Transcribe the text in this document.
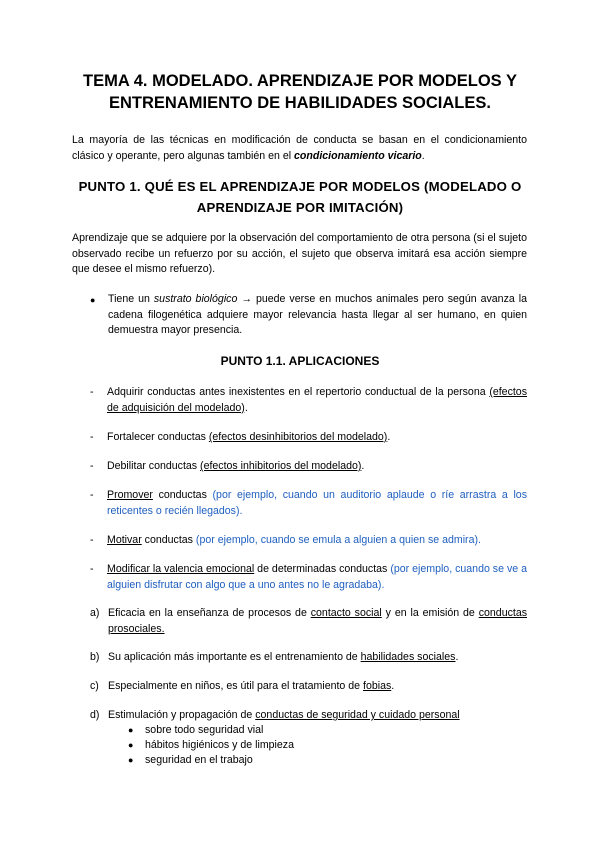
TEMA 4. MODELADO. APRENDIZAJE POR MODELOS Y
ENTRENAMIENTO DE HABILIDADES SOCIALES.

La mayoría de las técnicas en modificación de conducta se basan en el condicionamiento clásico y operante, pero algunas también en el condicionamiento vicario.

PUNTO 1. QUÉ ES EL APRENDIZAJE POR MODELOS (MODELADO O
APRENDIZAJE POR IMITACIÓN)

Aprendizaje que se adquiere por la observación del comportamiento de otra persona (si el sujeto observado recibe un refuerzo por su acción, el sujeto que observa imitará esa acción siempre que desee el mismo refuerzo).

● Tiene un sustrato biológico → puede verse en muchos animales pero según avanza la cadena filogenética adquiere mayor relevancia hasta llegar al ser humano, en quien demuestra mayor presencia.

PUNTO 1.1. APLICACIONES
- Adquirir conductas antes inexistentes en el repertorio conductual de la persona (efectos de adquisición del modelado).

- Fortalecer conductas (efectos desinhibitorios del modelado).

- Debilitar conductas (efectos inhibitorios del modelado).

- Promover conductas (por ejemplo, cuando un auditorio aplaude o ríe arrastra a los reticentes o recién llegados).

- Motivar conductas (por ejemplo, cuando se emula a alguien a quien se admira).

- Modificar la valencia emocional de determinadas conductas (por ejemplo, cuando se ve a alguien disfrutar con algo que a uno antes no le agradaba).

a) Eficacia en la enseñanza de procesos de contacto social y en la emisión de conductas prosociales.

b) Su aplicación más importante es el entrenamiento de habilidades sociales.

c) Especialmente en niños, es útil para el tratamiento de fobias.

d) Estimulación y propagación de conductas de seguridad y cuidado personal

● sobre todo seguridad vial

● hábitos higiénicos y de limpieza

● seguridad en el trabajo
